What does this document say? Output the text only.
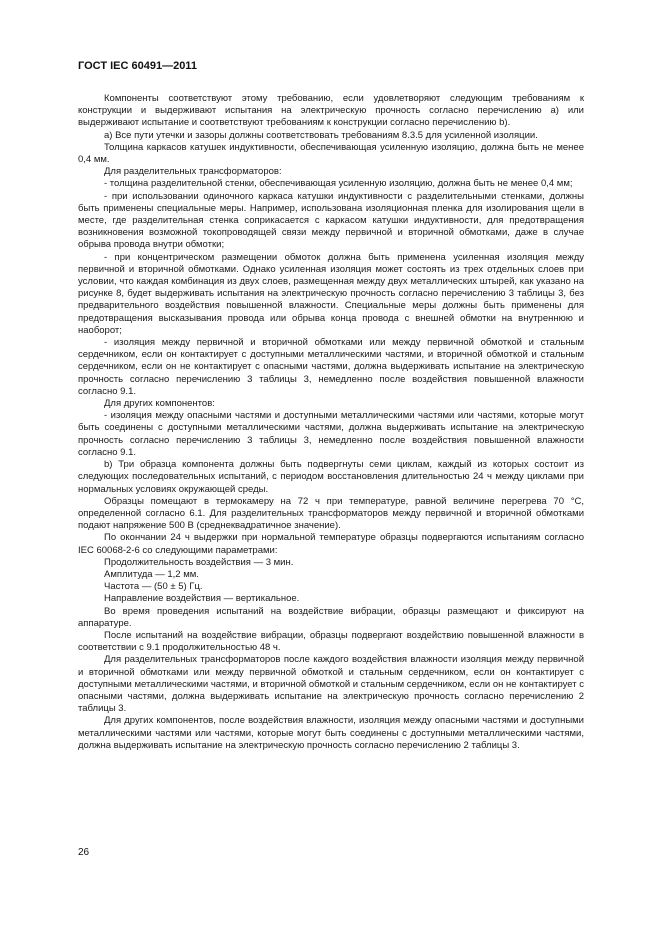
ГОСТ IEC 60491—2011

Компоненты соответствуют этому требованию, если удовлетворяют следующим требованиям к конструкции и выдерживают испытания на электрическую прочность согласно перечислению a) или выдерживают испытание и соответствуют требованиям к конструкции согласно перечислению b).

a) Все пути утечки и зазоры должны соответствовать требованиям 8.3.5 для усиленной изоляции.

Толщина каркасов катушек индуктивности, обеспечивающая усиленную изоляцию, должна быть не менее 0,4 мм.

Для разделительных трансформаторов:

- толщина разделительной стенки, обеспечивающая усиленную изоляцию, должна быть не менее 0,4 мм;

- при использовании одиночного каркаса катушки индуктивности с разделительными стенками, должны быть применены специальные меры. Например, использована изоляционная пленка для изолирования щели в месте, где разделительная стенка соприкасается с каркасом катушки индуктивности, для предотвращения возникновения возможной токопроводящей связи между первичной и вторичной обмотками, даже в случае обрыва провода внутри обмотки;

- при концентрическом размещении обмоток должна быть применена усиленная изоляция между первичной и вторичной обмотками. Однако усиленная изоляция может состоять из трех отдельных слоев при условии, что каждая комбинация из двух слоев, размещенная между двух металлических штырей, как указано на рисунке 8, будет выдерживать испытания на электрическую прочность согласно перечислению 3 таблицы 3, без предварительного воздействия повышенной влажности. Специальные меры должны быть применены для предотвращения высказывания провода или обрыва конца провода с внешней обмотки на внутреннюю и наоборот;

- изоляция между первичной и вторичной обмотками или между первичной обмоткой и стальным сердечником, если он контактирует с доступными металлическими частями, и вторичной обмоткой и стальным сердечником, если он не контактирует с опасными частями, должна выдерживать испытание на электрическую прочность согласно перечислению 3 таблицы 3, немедленно после воздействия повышенной влажности согласно 9.1.

Для других компонентов:

- изоляция между опасными частями и доступными металлическими частями или частями, которые могут быть соединены с доступными металлическими частями, должна выдерживать испытание на электрическую прочность согласно перечислению 3 таблицы 3, немедленно после воздействия повышенной влажности согласно 9.1.

b) Три образца компонента должны быть подвергнуты семи циклам, каждый из которых состоит из следующих последовательных испытаний, с периодом восстановления длительностью 24 ч между циклами при нормальных условиях окружающей среды.

Образцы помещают в термокамеру на 72 ч при температуре, равной величине перегрева 70 °C, определенной согласно 6.1. Для разделительных трансформаторов между первичной и вторичной обмотками подают напряжение 500 В (среднеквадратичное значение).

По окончании 24 ч выдержки при нормальной температуре образцы подвергаются испытаниям согласно IEC 60068-2-6 со следующими параметрами:

Продолжительность воздействия — 3 мин.

Амплитуда — 1,2 мм.

Частота — (50 ± 5) Гц.

Направление воздействия — вертикальное.

Во время проведения испытаний на воздействие вибрации, образцы размещают и фиксируют на аппаратуре.

После испытаний на воздействие вибрации, образцы подвергают воздействию повышенной влажности в соответствии с 9.1 продолжительностью 48 ч.

Для разделительных трансформаторов после каждого воздействия влажности изоляция между первичной и вторичной обмотками или между первичной обмоткой и стальным сердечником, если он контактирует с доступными металлическими частями, и вторичной обмоткой и стальным сердечником, если он не контактирует с опасными частями, должна выдерживать испытание на электрическую прочность согласно перечислению 2 таблицы 3.

Для других компонентов, после воздействия влажности, изоляция между опасными частями и доступными металлическими частями или частями, которые могут быть соединены с доступными металлическими частями, должна выдерживать испытание на электрическую прочность согласно перечислению 2 таблицы 3.

26
